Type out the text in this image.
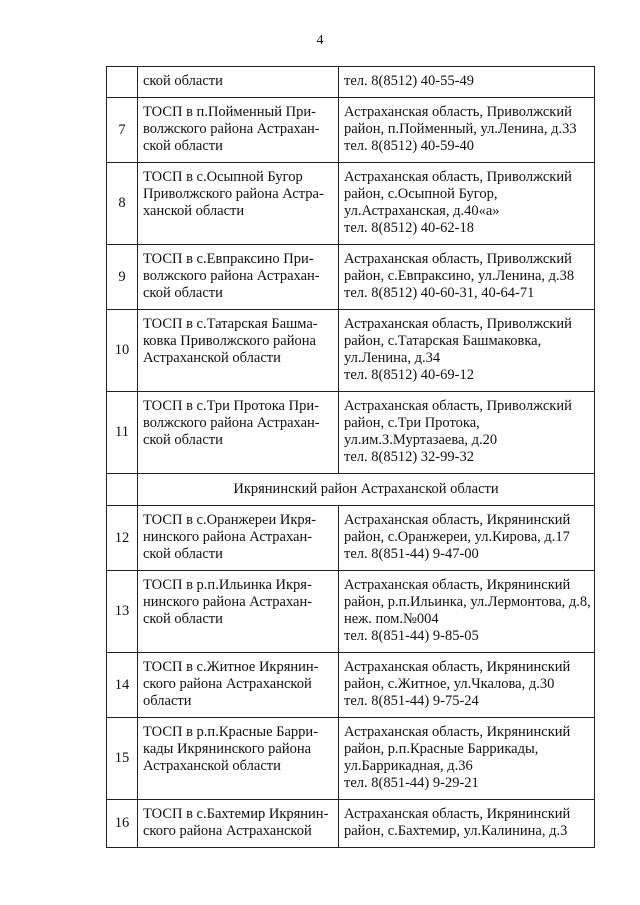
4

	ской области	тел. 8(8512) 40-55-49

7	ТОСП в п.Пойменный При-
волжского района Астрахан-
ской области	Астраханская область, Приволжский
район, п.Пойменный, ул.Ленина, д.33
тел. 8(8512) 40-59-40

8	ТОСП в с.Осыпной Бугор
Приволжского района Астра-
ханской области	Астраханская область, Приволжский
район, с.Осыпной Бугор,
ул.Астраханская, д.40«а»
тел. 8(8512) 40-62-18

9	ТОСП в с.Евпраксино При-
волжского района Астрахан-
ской области	Астраханская область, Приволжский
район, с.Евпраксино, ул.Ленина, д.38
тел. 8(8512) 40-60-31, 40-64-71

10	ТОСП в с.Татарская Башма-
ковка Приволжского района
Астраханской области	Астраханская область, Приволжский
район, с.Татарская Башмаковка,
ул.Ленина, д.34
тел. 8(8512) 40-69-12

11	ТОСП в с.Три Протока При-
волжского района Астрахан-
ской области	Астраханская область, Приволжский
район, с.Три Протока,
ул.им.З.Муртазаева, д.20
тел. 8(8512) 32-99-32

	Икрянинский район Астраханской области	
12	ТОСП в с.Оранжереи Икря-
нинского района Астрахан-
ской области	Астраханская область, Икрянинский
район, с.Оранжереи, ул.Кирова, д.17
тел. 8(851-44) 9-47-00

13	ТОСП в р.п.Ильинка Икря-
нинского района Астрахан-
ской области	Астраханская область, Икрянинский
район, р.п.Ильинка, ул.Лермонтова, д.8,
неж. пом.№004
тел. 8(851-44) 9-85-05

14	ТОСП в с.Житное Икрянин-
ского района Астраханской
области	Астраханская область, Икрянинский
район, с.Житное, ул.Чкалова, д.30
тел. 8(851-44) 9-75-24

15	ТОСП в р.п.Красные Барри-
кады Икрянинского района
Астраханской области	Астраханская область, Икрянинский
район, р.п.Красные Баррикады,
ул.Баррикадная, д.36
тел. 8(851-44) 9-29-21

16	ТОСП в с.Бахтемир Икрянин-
ского района Астраханской	Астраханская область, Икрянинский
район, с.Бахтемир, ул.Калинина, д.3
